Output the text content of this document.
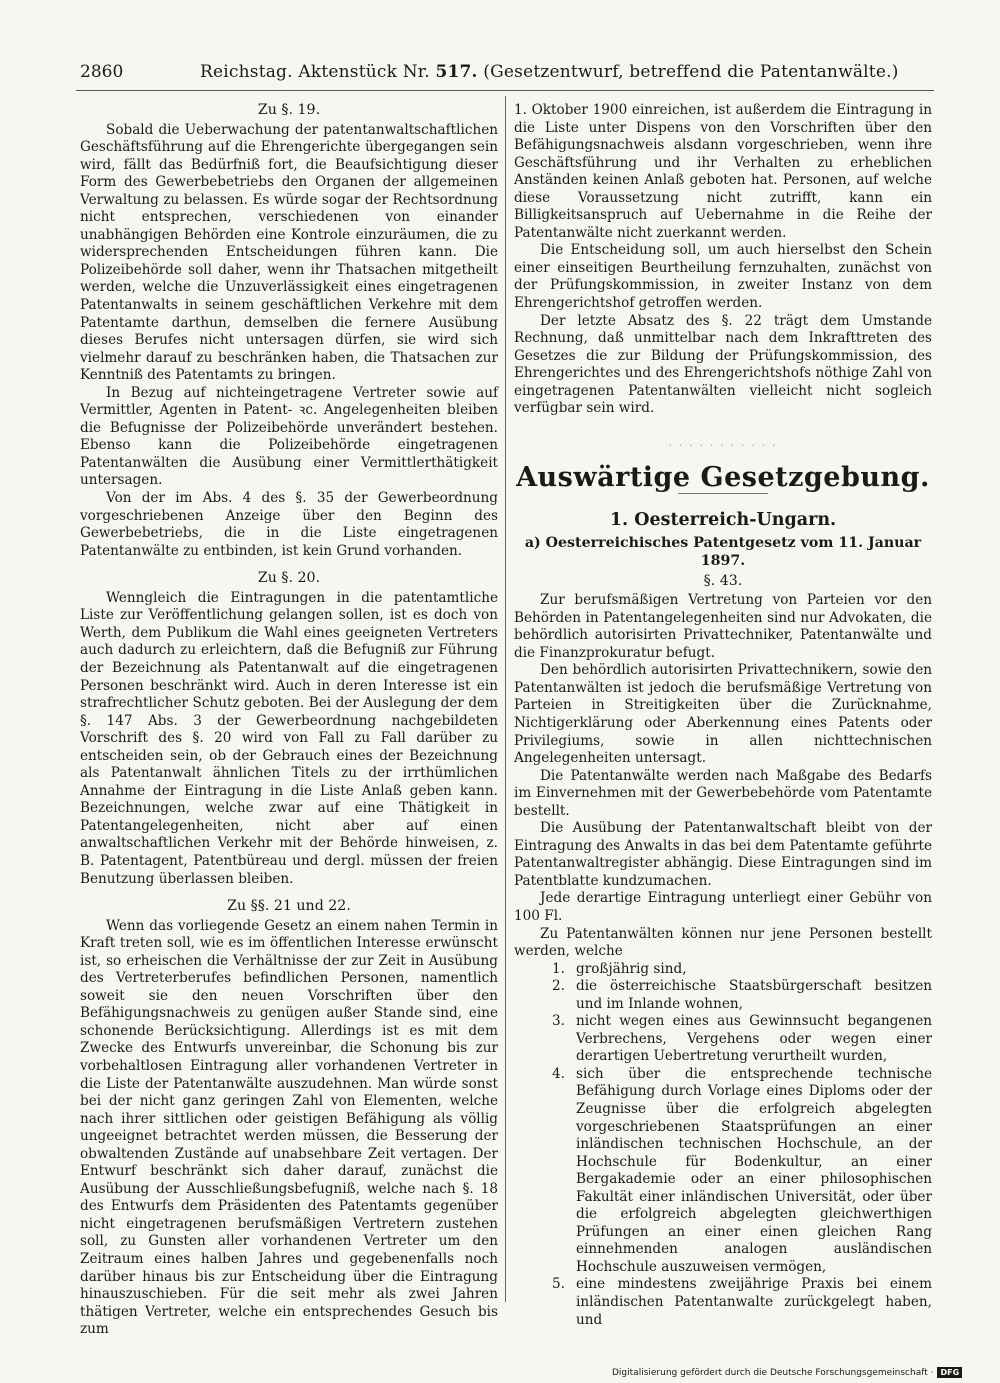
2860	Reichstag. Aktenstück Nr. 517. (Gesetzentwurf, betreffend die Patentanwälte.)
Zu §. 19.

Sobald die Ueberwachung der patentanwaltschaftlichen Geschäftsführung auf die Ehrengerichte übergegangen sein wird, fällt das Bedürfniß fort, die Beaufsichtigung dieser Form des Gewerbebetriebs den Organen der allgemeinen Verwaltung zu belassen. Es würde sogar der Rechtsordnung nicht entsprechen, verschiedenen von einander unabhängigen Behörden eine Kontrole einzuräumen, die zu widersprechenden Entscheidungen führen kann. Die Polizeibehörde soll daher, wenn ihr Thatsachen mitgetheilt werden, welche die Unzuverlässigkeit eines eingetragenen Patentanwalts in seinem geschäftlichen Verkehre mit dem Patentamte darthun, demselben die fernere Ausübung dieses Berufes nicht untersagen dürfen, sie wird sich vielmehr darauf zu beschränken haben, die Thatsachen zur Kenntniß des Patentamts zu bringen.

In Bezug auf nichteingetragene Vertreter sowie auf Vermittler, Agenten in Patent- ꝛc. Angelegenheiten bleiben die Befugnisse der Polizeibehörde unverändert bestehen. Ebenso kann die Polizeibehörde eingetragenen Patentanwälten die Ausübung einer Vermittlerthätigkeit untersagen.

Von der im Abs. 4 des §. 35 der Gewerbeordnung vorgeschriebenen Anzeige über den Beginn des Gewerbebetriebs, die in die Liste eingetragenen Patentanwälte zu entbinden, ist kein Grund vorhanden.

Zu §. 20.

Wenngleich die Eintragungen in die patentamtliche Liste zur Veröffentlichung gelangen sollen, ist es doch von Werth, dem Publikum die Wahl eines geeigneten Vertreters auch dadurch zu erleichtern, daß die Befugniß zur Führung der Bezeichnung als Patentanwalt auf die eingetragenen Personen beschränkt wird. Auch in deren Interesse ist ein strafrechtlicher Schutz geboten. Bei der Auslegung der dem §. 147 Abs. 3 der Gewerbeordnung nachgebildeten Vorschrift des §. 20 wird von Fall zu Fall darüber zu entscheiden sein, ob der Gebrauch eines der Bezeichnung als Patentanwalt ähnlichen Titels zu der irrthümlichen Annahme der Eintragung in die Liste Anlaß geben kann. Bezeichnungen, welche zwar auf eine Thätigkeit in Patentangelegenheiten, nicht aber auf einen anwaltschaftlichen Verkehr mit der Behörde hinweisen, z. B. Patentagent, Patentbüreau und dergl. müssen der freien Benutzung überlassen bleiben.

Zu §§. 21 und 22.

Wenn das vorliegende Gesetz an einem nahen Termin in Kraft treten soll, wie es im öffentlichen Interesse erwünscht ist, so erheischen die Verhältnisse der zur Zeit in Ausübung des Vertreterberufes befindlichen Personen, namentlich soweit sie den neuen Vorschriften über den Befähigungsnachweis zu genügen außer Stande sind, eine schonende Berücksichtigung. Allerdings ist es mit dem Zwecke des Entwurfs unvereinbar, die Schonung bis zur vorbehaltlosen Eintragung aller vorhandenen Vertreter in die Liste der Patentanwälte auszudehnen. Man würde sonst bei der nicht ganz geringen Zahl von Elementen, welche nach ihrer sittlichen oder geistigen Befähigung als völlig ungeeignet betrachtet werden müssen, die Besserung der obwaltenden Zustände auf unabsehbare Zeit vertagen. Der Entwurf beschränkt sich daher darauf, zunächst die Ausübung der Ausschließungsbefugniß, welche nach §. 18 des Entwurfs dem Präsidenten des Patentamts gegenüber nicht eingetragenen berufsmäßigen Vertretern zustehen soll, zu Gunsten aller vorhandenen Vertreter um den Zeitraum eines halben Jahres und gegebenenfalls noch darüber hinaus bis zur Entscheidung über die Eintragung hinauszuschieben. Für die seit mehr als zwei Jahren thätigen Vertreter, welche ein entsprechendes Gesuch bis zum

1. Oktober 1900 einreichen, ist außerdem die Eintragung in die Liste unter Dispens von den Vorschriften über den Befähigungsnachweis alsdann vorgeschrieben, wenn ihre Geschäftsführung und ihr Verhalten zu erheblichen Anständen keinen Anlaß geboten hat. Personen, auf welche diese Voraussetzung nicht zutrifft, kann ein Billigkeitsanspruch auf Uebernahme in die Reihe der Patentanwälte nicht zuerkannt werden.

Die Entscheidung soll, um auch hierselbst den Schein einer einseitigen Beurtheilung fernzuhalten, zunächst von der Prüfungskommission, in zweiter Instanz von dem Ehrengerichtshof getroffen werden.

Der letzte Absatz des §. 22 trägt dem Umstande Rechnung, daß unmittelbar nach dem Inkrafttreten des Gesetzes die zur Bildung der Prüfungskommission, des Ehrengerichtes und des Ehrengerichtshofs nöthige Zahl von eingetragenen Patentanwälten vielleicht nicht sogleich verfügbar sein wird.

· · · · · · · · · · ·
Auswärtige Gesetzgebung.
1. Oesterreich-Ungarn.
a) Oesterreichisches Patentgesetz vom 11. Januar 1897.
§. 43.

Zur berufsmäßigen Vertretung von Parteien vor den Behörden in Patentangelegenheiten sind nur Advokaten, die behördlich autorisirten Privattechniker, Patentanwälte und die Finanzprokuratur befugt.

Den behördlich autorisirten Privattechnikern, sowie den Patentanwälten ist jedoch die berufsmäßige Vertretung von Parteien in Streitigkeiten über die Zurücknahme, Nichtigerklärung oder Aberkennung eines Patents oder Privilegiums, sowie in allen nichttechnischen Angelegenheiten untersagt.

Die Patentanwälte werden nach Maßgabe des Bedarfs im Einvernehmen mit der Gewerbebehörde vom Patentamte bestellt.

Die Ausübung der Patentanwaltschaft bleibt von der Eintragung des Anwalts in das bei dem Patentamte geführte Patentanwaltregister abhängig. Diese Eintragungen sind im Patentblatte kundzumachen.

Jede derartige Eintragung unterliegt einer Gebühr von 100 Fl.

Zu Patentanwälten können nur jene Personen bestellt werden, welche

1. großjährig sind,
2. die österreichische Staatsbürgerschaft besitzen und im Inlande wohnen,
3. nicht wegen eines aus Gewinnsucht begangenen Verbrechens, Vergehens oder wegen einer derartigen Uebertretung verurtheilt wurden,
4. sich über die entsprechende technische Befähigung durch Vorlage eines Diploms oder der Zeugnisse über die erfolgreich abgelegten vorgeschriebenen Staatsprüfungen an einer inländischen technischen Hochschule, an der Hochschule für Bodenkultur, an einer Bergakademie oder an einer philosophischen Fakultät einer inländischen Universität, oder über die erfolgreich abgelegten gleichwerthigen Prüfungen an einer einen gleichen Rang einnehmenden analogen ausländischen Hochschule auszuweisen vermögen,
5. eine mindestens zweijährige Praxis bei einem inländischen Patentanwalte zurückgelegt haben, und
Digitalisierung gefördert durch die Deutsche Forschungsgemeinschaft · DFG
